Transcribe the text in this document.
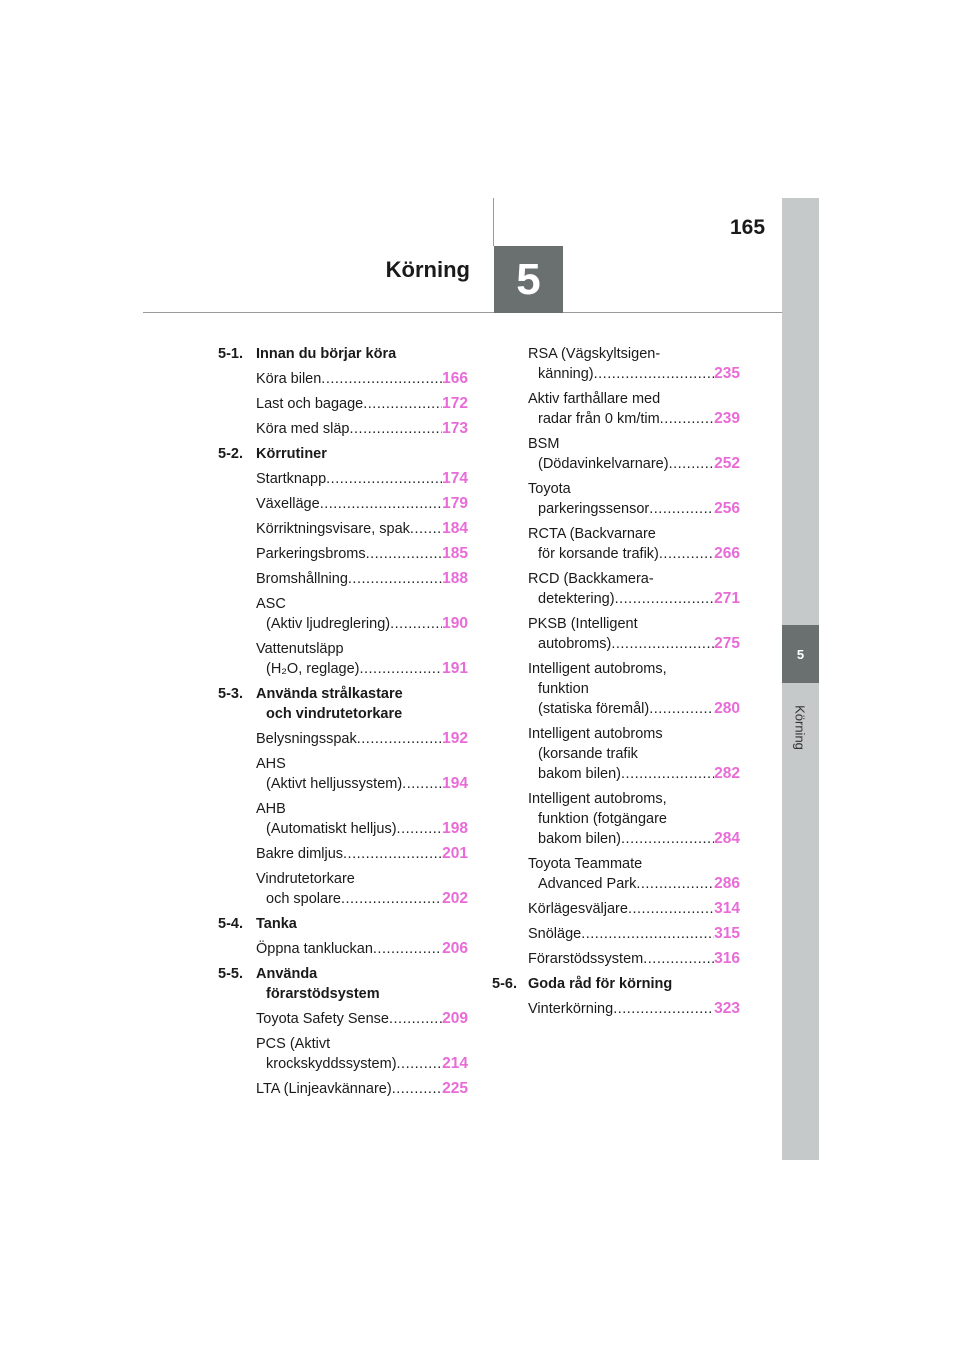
5
Körning
165
5
Körning
5-1. Innan du börjar köra
Köra bilen .....	166
Last och bagage .....	172
Köra med släp .....	173
5-2. Körrutiner
Startknapp .....	174
Växelläge .....	179
Körriktningsvisare, spak ..... 184
Parkeringsbroms .....	185
Bromshållning .....	188
ASC
(Aktiv ljudreglering) .....	190
Vattenutsläpp
(H₂O, reglage) .....	191
5-3. Använda strålkastare
och vindrutetorkare
Belysningsspak .....	192
AHS
(Aktivt helljussystem) .....	194
AHB
(Automatiskt helljus) .....	198
Bakre dimljus .....	201
Vindrutetorkare
och spolare .....	202
5-4. Tanka
Öppna tankluckan .....	206
5-5. Använda
förarstödsystem
Toyota Safety Sense .....	209
PCS (Aktivt
krockskyddssystem) .....	214
LTA (Linjeavkännare) .....	225
RSA (Vägskyltsigen-
känning) .....	235
Aktiv farthållare med
radar från 0 km/tim .....	239
BSM
(Dödavinkelvarnare) .....	252
Toyota
parkeringssensor .....	256
RCTA (Backvarnare
för korsande trafik) .....	266
RCD (Backkamera-
detektering) .....	271
PKSB (Intelligent
autobroms) .....	275
Intelligent autobroms,
funktion
(statiska föremål) .....	280
Intelligent autobroms
(korsande trafik
bakom bilen) .....	282
Intelligent autobroms,
funktion (fotgängare
bakom bilen) .....	284
Toyota Teammate
Advanced Park .....	286
Körlägesväljare .....	314
Snöläge .....	315
Förarstödssystem .....	316
5-6. Goda råd för körning
Vinterkörning .....	323
